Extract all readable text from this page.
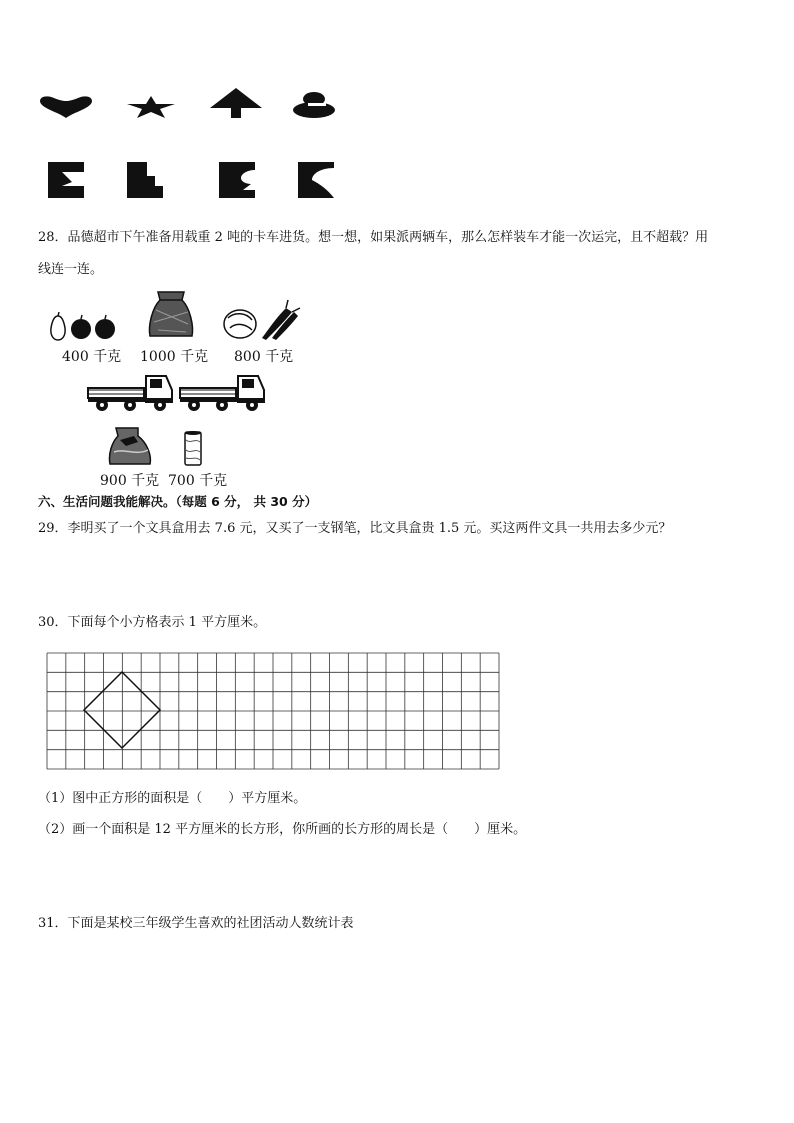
28．品德超市下午准备用载重 2 吨的卡车进货。想一想，如果派两辆车，那么怎样装车才能一次运完，且不超载？用
线连一连。
400 千克 1000 千克 800 千克
900 千克 700 千克
六、生活问题我能解决。（每题 6 分， 共 30 分）
29．李明买了一个文具盒用去 7.6 元，又买了一支钢笔，比文具盒贵 1.5 元。买这两件文具一共用去多少元？
30．下面每个小方格表示 1 平方厘米。
（1）图中正方形的面积是（　　）平方厘米。
（2）画一个面积是 12 平方厘米的长方形，你所画的长方形的周长是（　　）厘米。
31．下面是某校三年级学生喜欢的社团活动人数统计表
